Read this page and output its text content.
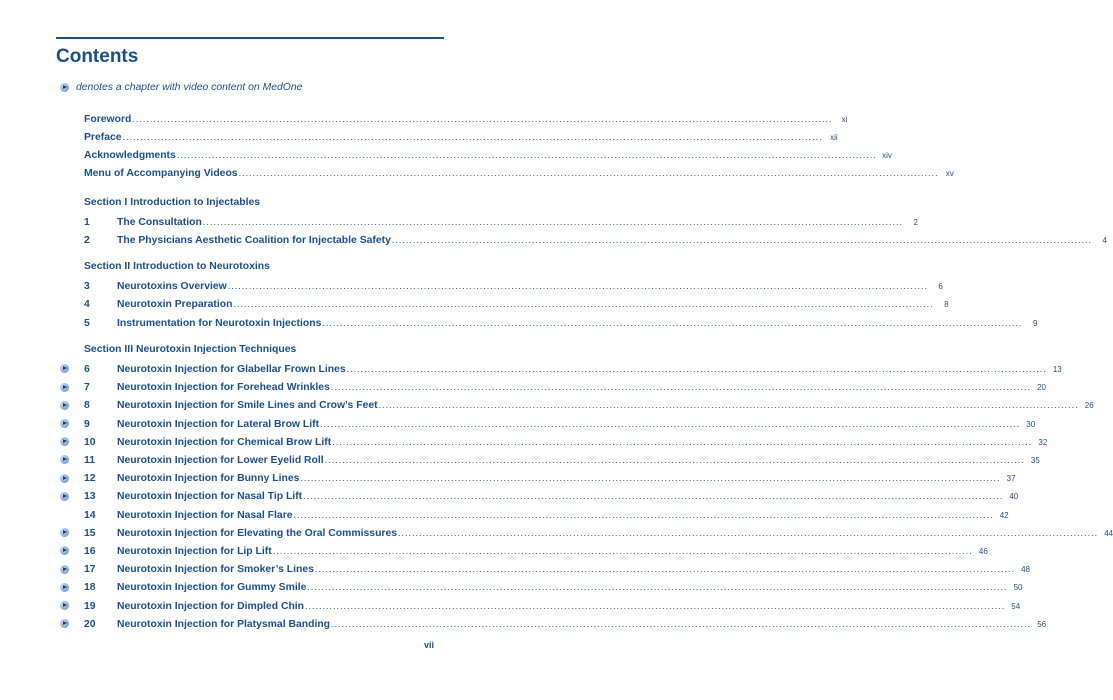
Contents
denotes a chapter with video content on MedOne
Foreword ........................................................................................................................................................................................................	xi
Preface ........................................................................................................................................................................................................ xii
Acknowledgments ........................................................................................................................................................................................................ xiv
Menu of Accompanying Videos ........................................................................................................................................................................................................ xv
Section I Introduction to Injectables
1	The Consultation ........................................................................................................................................................................................................	2
2	The Physicians Aesthetic Coalition for Injectable Safety ........................................................................................................................................................................................................	4
Section II Introduction to Neurotoxins
3	Neurotoxins Overview ........................................................................................................................................................................................................	6
4	Neurotoxin Preparation ........................................................................................................................................................................................................	8
5	Instrumentation for Neurotoxin Injections ........................................................................................................................................................................................................	9
Section III Neurotoxin Injection Techniques
6	Neurotoxin Injection for Glabellar Frown Lines ........................................................................................................................................................................................................ 13
7	Neurotoxin Injection for Forehead Wrinkles ........................................................................................................................................................................................................ 20
8	Neurotoxin Injection for Smile Lines and Crow’s Feet ........................................................................................................................................................................................................ 26
9	Neurotoxin Injection for Lateral Brow Lift ........................................................................................................................................................................................................ 30
10 Neurotoxin Injection for Chemical Brow Lift ........................................................................................................................................................................................................ 32
11 Neurotoxin Injection for Lower Eyelid Roll ........................................................................................................................................................................................................ 35
12 Neurotoxin Injection for Bunny Lines ........................................................................................................................................................................................................ 37
13 Neurotoxin Injection for Nasal Tip Lift ........................................................................................................................................................................................................ 40
14 Neurotoxin Injection for Nasal Flare ........................................................................................................................................................................................................ 42
15 Neurotoxin Injection for Elevating the Oral Commissures ........................................................................................................................................................................................................ 44
16 Neurotoxin Injection for Lip Lift ........................................................................................................................................................................................................ 46
17 Neurotoxin Injection for Smoker’s Lines ........................................................................................................................................................................................................ 48
18 Neurotoxin Injection for Gummy Smile ........................................................................................................................................................................................................ 50
19 Neurotoxin Injection for Dimpled Chin ........................................................................................................................................................................................................ 54
20 Neurotoxin Injection for Platysmal Banding ........................................................................................................................................................................................................ 56
vii
